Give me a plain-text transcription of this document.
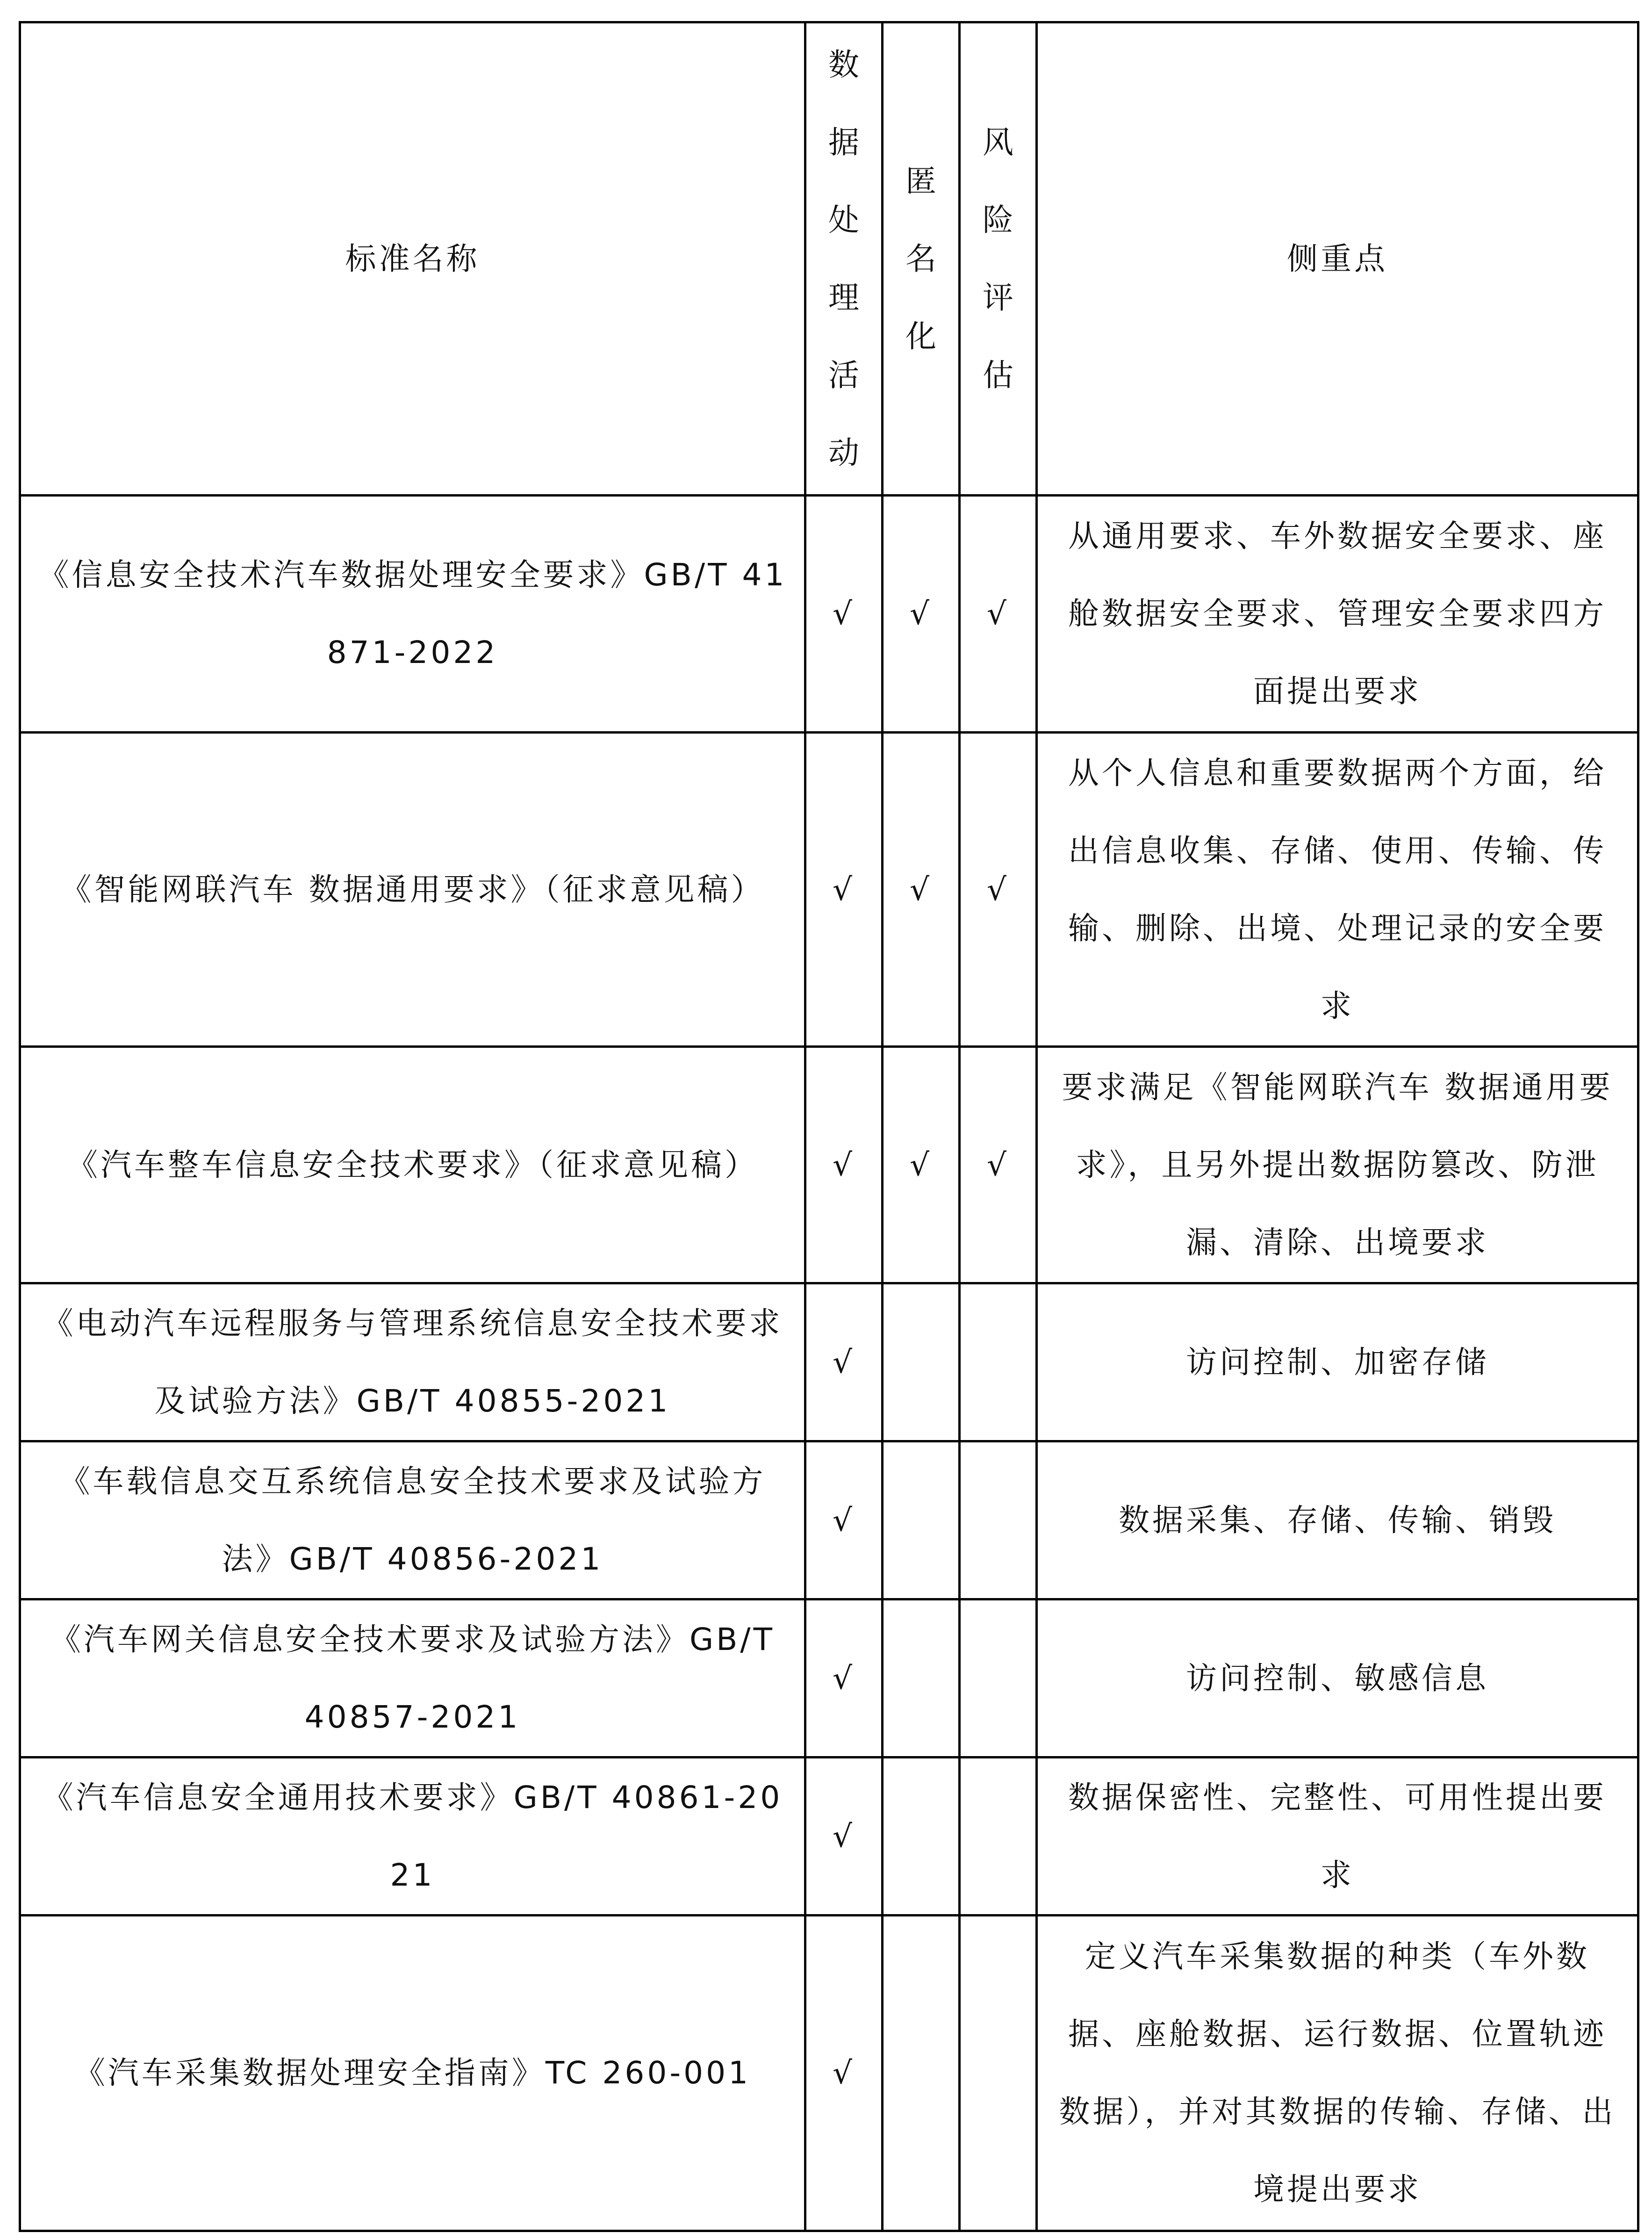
标准名称	数据处理活动	匿名化	风险评估	侧重点
《信息安全技术汽车数据处理安全要求》GB/T 41871-2022	√	√	√	从通用要求、车外数据安全要求、座舱数据安全要求、管理安全要求四方面提出要求
《智能网联汽车 数据通用要求》（征求意见稿）	√	√	√	从个人信息和重要数据两个方面，给出信息收集、存储、使用、传输、传输、删除、出境、处理记录的安全要求
《汽车整车信息安全技术要求》（征求意见稿）	√	√	√	要求满足《智能网联汽车 数据通用要求》，且另外提出数据防篡改、防泄漏、清除、出境要求
《电动汽车远程服务与管理系统信息安全技术要求及试验方法》GB/T 40855-2021	√			访问控制、加密存储
《车载信息交互系统信息安全技术要求及试验方法》GB/T 40856-2021	√			数据采集、存储、传输、销毁
《汽车网关信息安全技术要求及试验方法》GB/T 40857-2021	√			访问控制、敏感信息
《汽车信息安全通用技术要求》GB/T 40861-2021	√			数据保密性、完整性、可用性提出要求
《汽车采集数据处理安全指南》TC 260-001	√			定义汽车采集数据的种类（车外数据、座舱数据、运行数据、位置轨迹数据），并对其数据的传输、存储、出境提出要求
